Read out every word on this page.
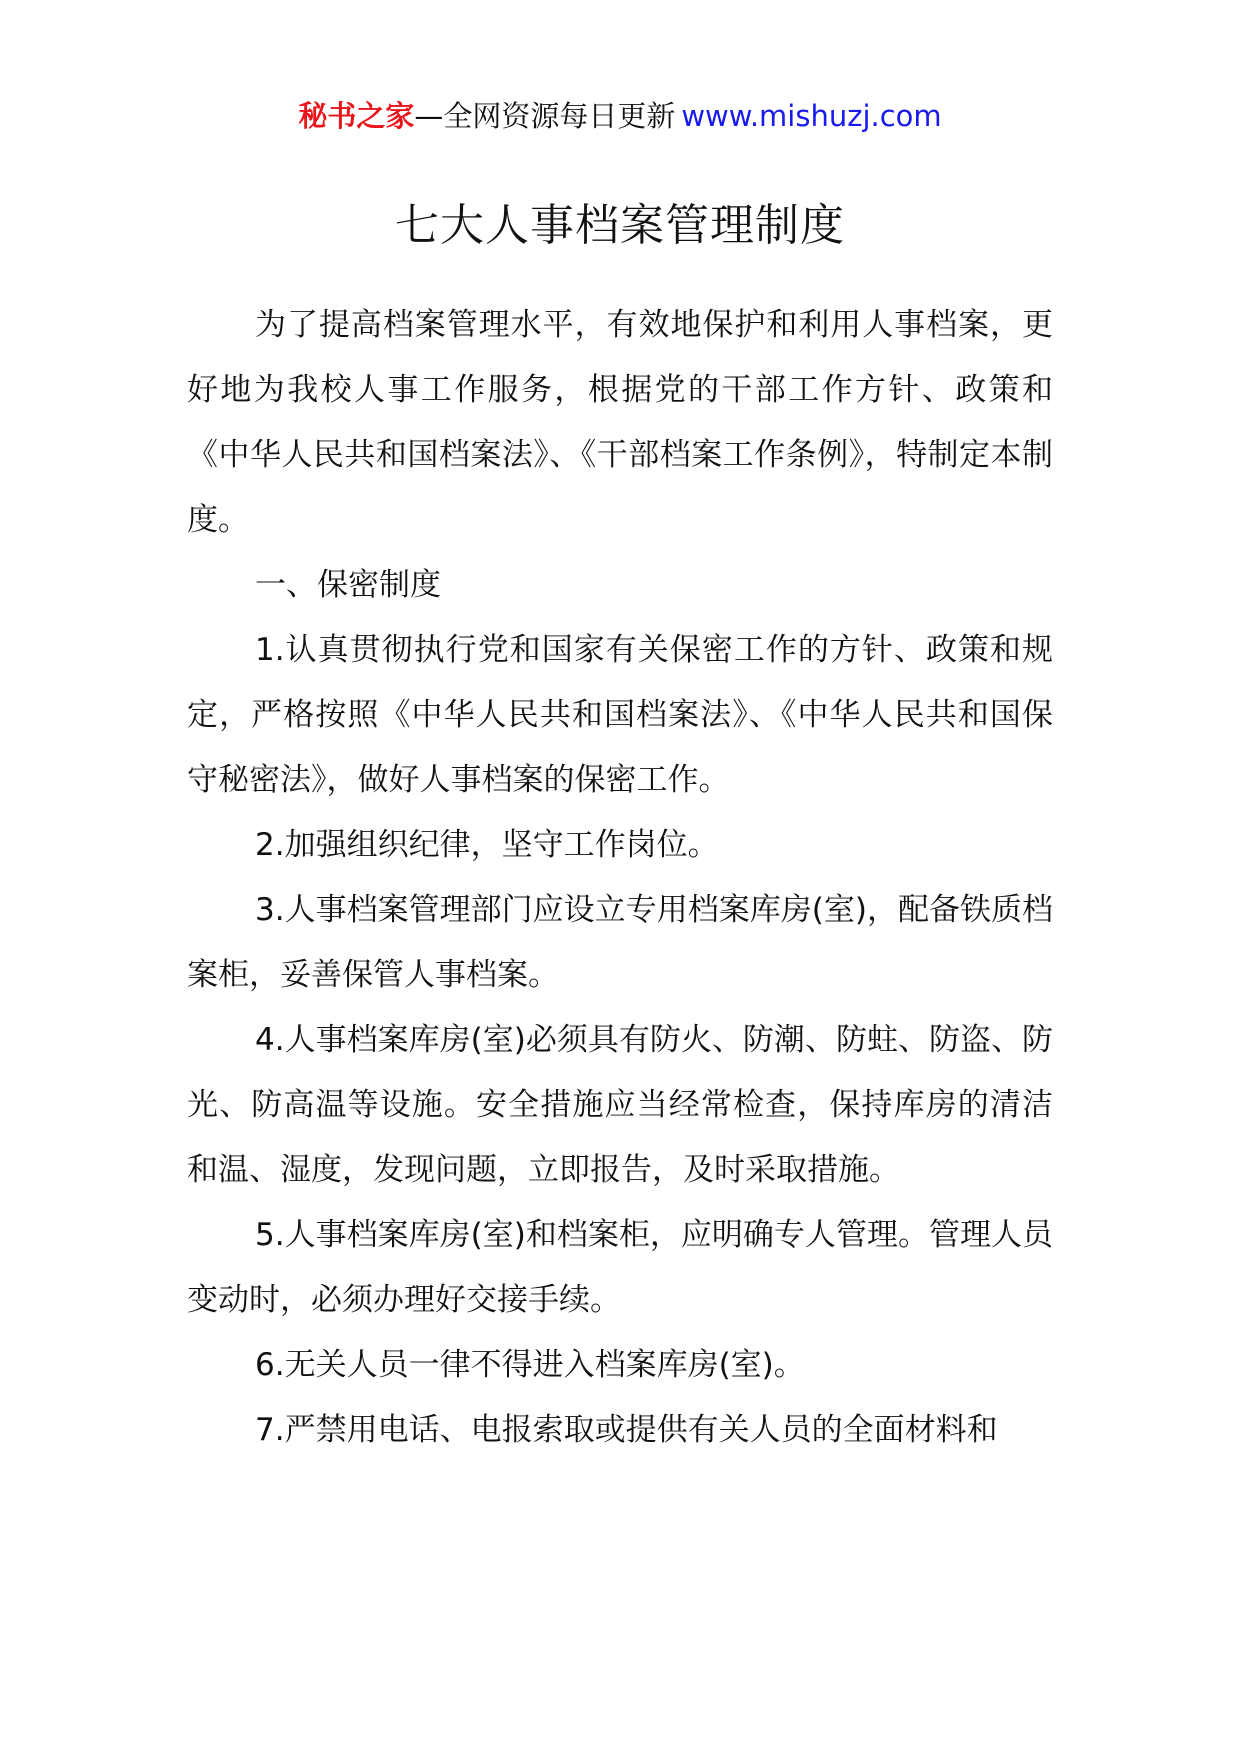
秘书之家—全网资源每日更新 www.mishuzj.com
七大人事档案管理制度

为了提高档案管理水平，有效地保护和利用人事档案，更好地为我校人事工作服务，根据党的干部工作方针、政策和《中华人民共和国档案法》、《干部档案工作条例》，特制定本制度。

一、保密制度

1.认真贯彻执行党和国家有关保密工作的方针、政策和规定，严格按照《中华人民共和国档案法》、《中华人民共和国保守秘密法》，做好人事档案的保密工作。

2.加强组织纪律，坚守工作岗位。

3.人事档案管理部门应设立专用档案库房(室)，配备铁质档案柜，妥善保管人事档案。

4.人事档案库房(室)必须具有防火、防潮、防蛀、防盗、防光、防高温等设施。安全措施应当经常检查，保持库房的清洁和温、湿度，发现问题，立即报告，及时采取措施。

5.人事档案库房(室)和档案柜，应明确专人管理。管理人员变动时，必须办理好交接手续。

6.无关人员一律不得进入档案库房(室)。

7.严禁用电话、电报索取或提供有关人员的全面材料和
